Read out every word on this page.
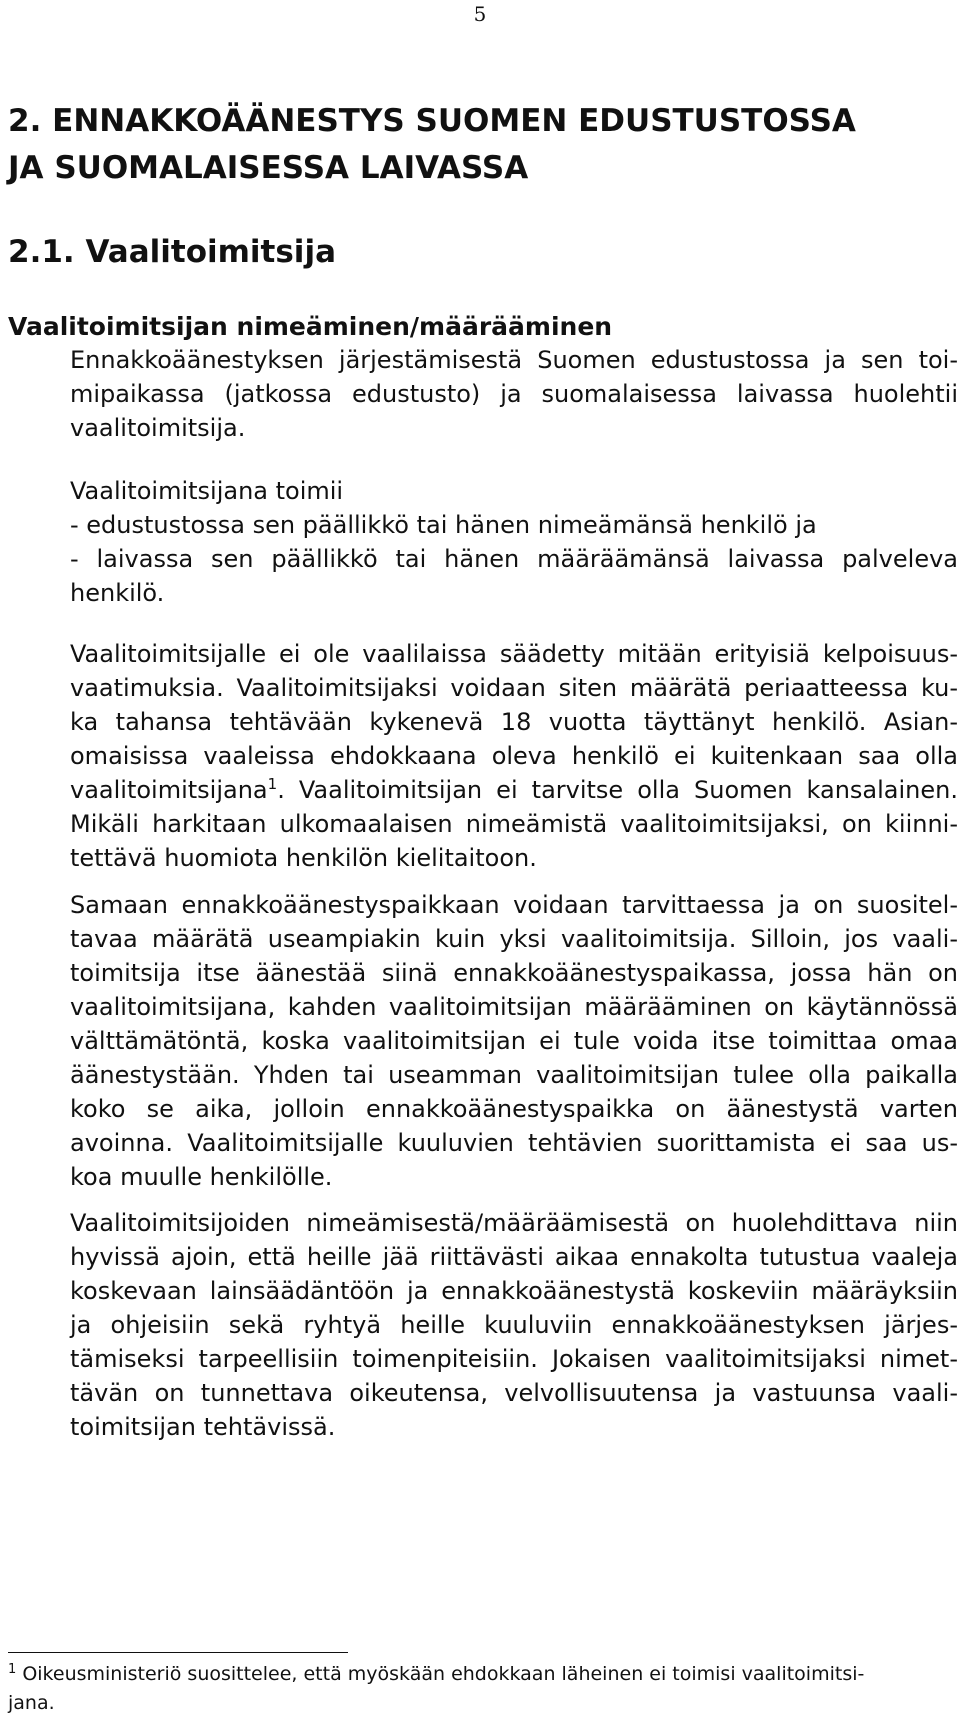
5
2. ENNAKKOÄÄNESTYS SUOMEN EDUSTUSTOSSA
JA SUOMALAISESSA LAIVASSA
2.1. Vaalitoimitsija
Vaalitoimitsijan nimeäminen/määrääminen

Ennakkoäänestyksen järjestämisestä Suomen edustustossa ja sen toi-
mipaikassa (jatkossa edustusto) ja suomalaisessa laivassa huolehtii
vaalitoimitsija.

Vaalitoimitsijana toimii
- edustustossa sen päällikkö tai hänen nimeämänsä henkilö ja
- laivassa sen päällikkö tai hänen määräämänsä laivassa palveleva
henkilö.

Vaalitoimitsijalle ei ole vaalilaissa säädetty mitään erityisiä kelpoisuus-
vaatimuksia. Vaalitoimitsijaksi voidaan siten määrätä periaatteessa ku-
ka tahansa tehtävään kykenevä 18 vuotta täyttänyt henkilö. Asian-
omaisissa vaaleissa ehdokkaana oleva henkilö ei kuitenkaan saa olla
vaalitoimitsijana$^1$. Vaalitoimitsijan ei tarvitse olla Suomen kansalainen.
Mikäli harkitaan ulkomaalaisen nimeämistä vaalitoimitsijaksi, on kiinni-
tettävä huomiota henkilön kielitaitoon.

Samaan ennakkoäänestyspaikkaan voidaan tarvittaessa ja on suositel-
tavaa määrätä useampiakin kuin yksi vaalitoimitsija. Silloin, jos vaali-
toimitsija itse äänestää siinä ennakkoäänestyspaikassa, jossa hän on
vaalitoimitsijana, kahden vaalitoimitsijan määrääminen on käytännössä
välttämätöntä, koska vaalitoimitsijan ei tule voida itse toimittaa omaa
äänestystään. Yhden tai useamman vaalitoimitsijan tulee olla paikalla
koko se aika, jolloin ennakkoäänestyspaikka on äänestystä varten
avoinna. Vaalitoimitsijalle kuuluvien tehtävien suorittamista ei saa us-
koa muulle henkilölle.

Vaalitoimitsijoiden nimeämisestä/määräämisestä on huolehdittava niin
hyvissä ajoin, että heille jää riittävästi aikaa ennakolta tutustua vaaleja
koskevaan lainsäädäntöön ja ennakkoäänestystä koskeviin määräyksiin
ja ohjeisiin sekä ryhtyä heille kuuluviin ennakkoäänestyksen järjes-
tämiseksi tarpeellisiin toimenpiteisiin. Jokaisen vaalitoimitsijaksi nimet-
tävän on tunnettava oikeutensa, velvollisuutensa ja vastuunsa vaali-
toimitsijan tehtävissä.

$^1$ Oikeusministeriö suosittelee, että myöskään ehdokkaan läheinen ei toimisi vaalitoimitsi-
jana.
